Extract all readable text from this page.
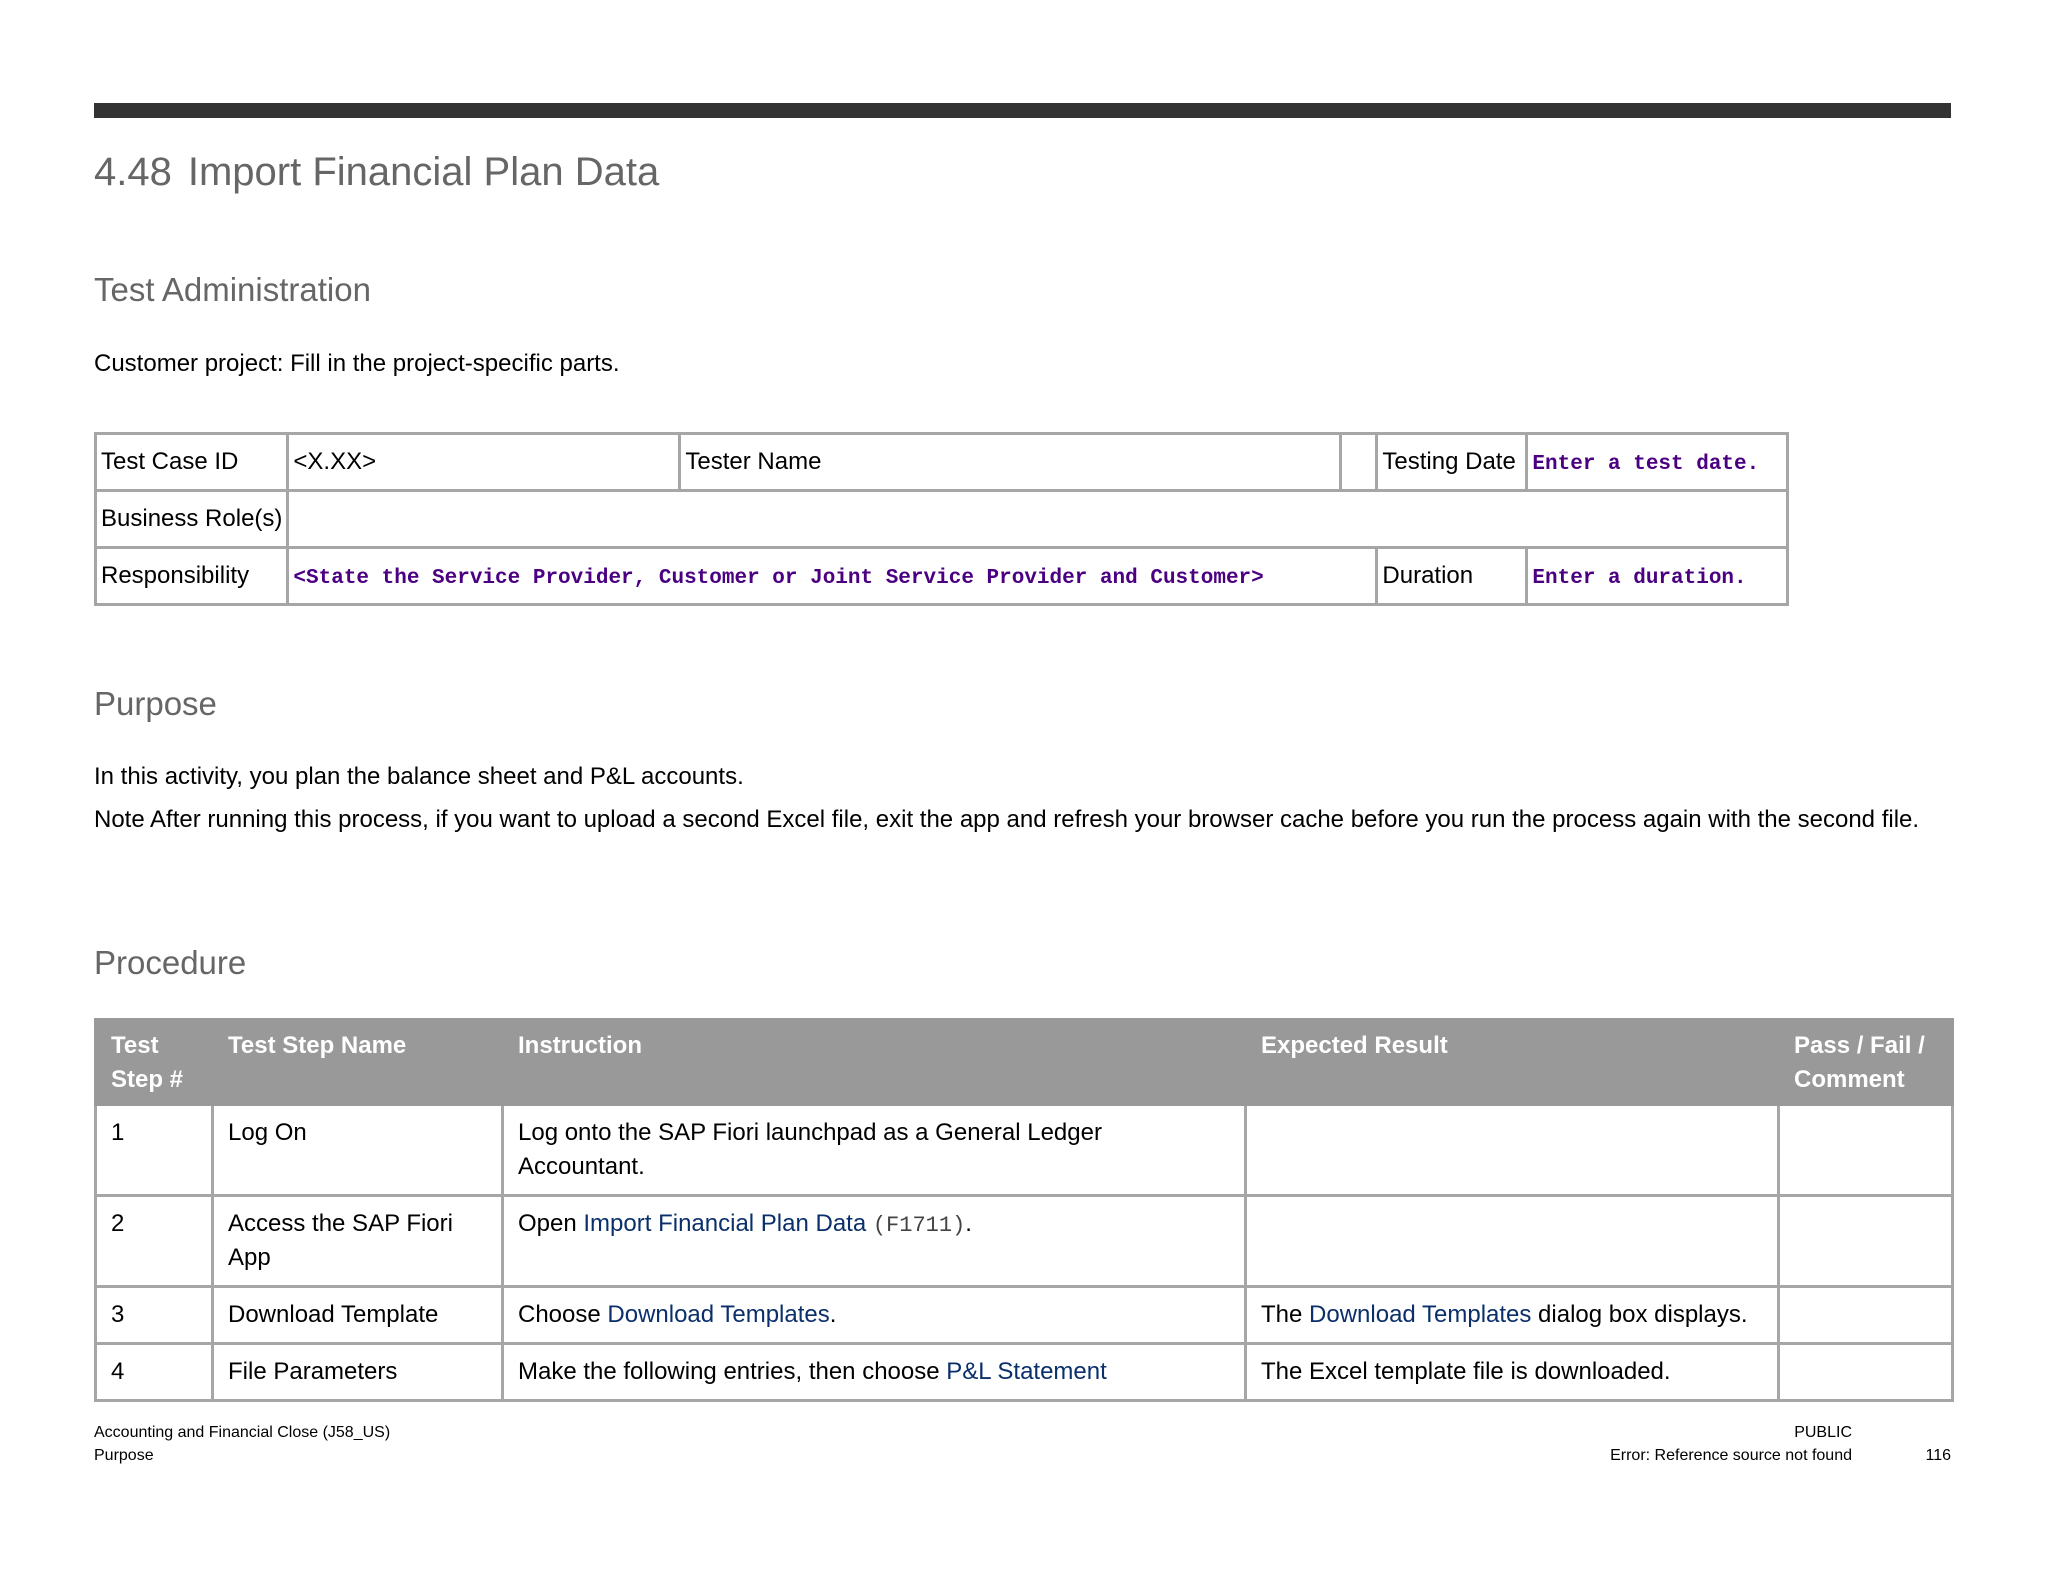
4.48 Import Financial Plan Data
Test Administration

Customer project: Fill in the project-specific parts.

Test Case ID	<X.XX>	Tester Name		Testing Date	Enter a test date.
Business Role(s)					
Responsibility	<State the Service Provider, Customer or Joint Service Provider and Customer>			Duration	Enter a duration.
Purpose

In this activity, you plan the balance sheet and P&L accounts.

Note After running this process, if you want to upload a second Excel file, exit the app and refresh your browser cache before you run the process again with the second file.

Procedure
Test Step #	Test Step Name	Instruction	Expected Result	Pass / Fail / Comment
1	Log On	Log onto the SAP Fiori launchpad as a General Ledger Accountant.		
2	Access the SAP Fiori App	Open Import Financial Plan Data (F1711).		
3	Download Template	Choose Download Templates.	The Download Templates dialog box displays.	
4	File Parameters	Make the following entries, then choose P&L Statement	The Excel template file is downloaded.	
Accounting and Financial Close (J58_US)
Purpose
PUBLIC
Error: Reference source not found	116
